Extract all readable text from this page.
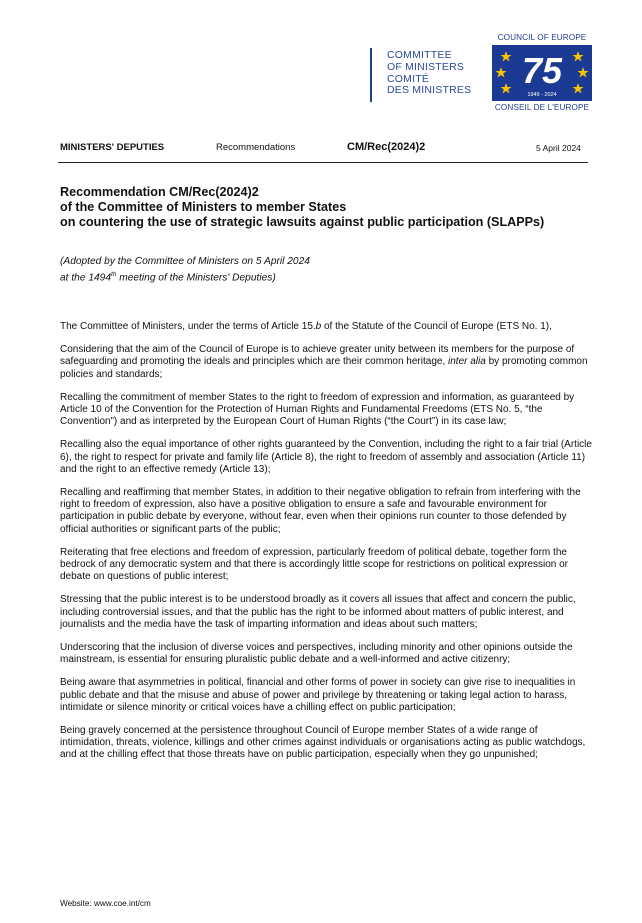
COMMITTEE
OF MINISTERS
COMITÉ
DES MINISTRES
COUNCIL OF EUROPE
75
1949 - 2024
CONSEIL DE L'EUROPE
MINISTERS' DEPUTIES	Recommendations	CM/Rec(2024)2	5 April 2024
Recommendation CM/Rec(2024)2
of the Committee of Ministers to member States
on countering the use of strategic lawsuits against public participation (SLAPPs)
(Adopted by the Committee of Ministers on 5 April 2024
at the 1494th meeting of the Ministers' Deputies)

The Committee of Ministers, under the terms of Article 15.b of the Statute of the Council of Europe (ETS No. 1),

Considering that the aim of the Council of Europe is to achieve greater unity between its members for the purpose of safeguarding and promoting the ideals and principles which are their common heritage, inter alia by promoting common policies and standards;

Recalling the commitment of member States to the right to freedom of expression and information, as guaranteed by Article 10 of the Convention for the Protection of Human Rights and Fundamental Freedoms (ETS No. 5, “the Convention”) and as interpreted by the European Court of Human Rights (“the Court”) in its case law;

Recalling also the equal importance of other rights guaranteed by the Convention, including the right to a fair trial (Article 6), the right to respect for private and family life (Article 8), the right to freedom of assembly and association (Article 11) and the right to an effective remedy (Article 13);

Recalling and reaffirming that member States, in addition to their negative obligation to refrain from interfering with the right to freedom of expression, also have a positive obligation to ensure a safe and favourable environment for participation in public debate by everyone, without fear, even when their opinions run counter to those defended by official authorities or significant parts of the public;

Reiterating that free elections and freedom of expression, particularly freedom of political debate, together form the bedrock of any democratic system and that there is accordingly little scope for restrictions on political expression or debate on questions of public interest;

Stressing that the public interest is to be understood broadly as it covers all issues that affect and concern the public, including controversial issues, and that the public has the right to be informed about matters of public interest, and journalists and the media have the task of imparting information and ideas about such matters;

Underscoring that the inclusion of diverse voices and perspectives, including minority and other opinions outside the mainstream, is essential for ensuring pluralistic public debate and a well-informed and active citizenry;

Being aware that asymmetries in political, financial and other forms of power in society can give rise to inequalities in public debate and that the misuse and abuse of power and privilege by threatening or taking legal action to harass, intimidate or silence minority or critical voices have a chilling effect on public participation;

Being gravely concerned at the persistence throughout Council of Europe member States of a wide range of intimidation, threats, violence, killings and other crimes against individuals or organisations acting as public watchdogs, and at the chilling effect that those threats have on public participation, especially when they go unpunished;

Website: www.coe.int/cm
